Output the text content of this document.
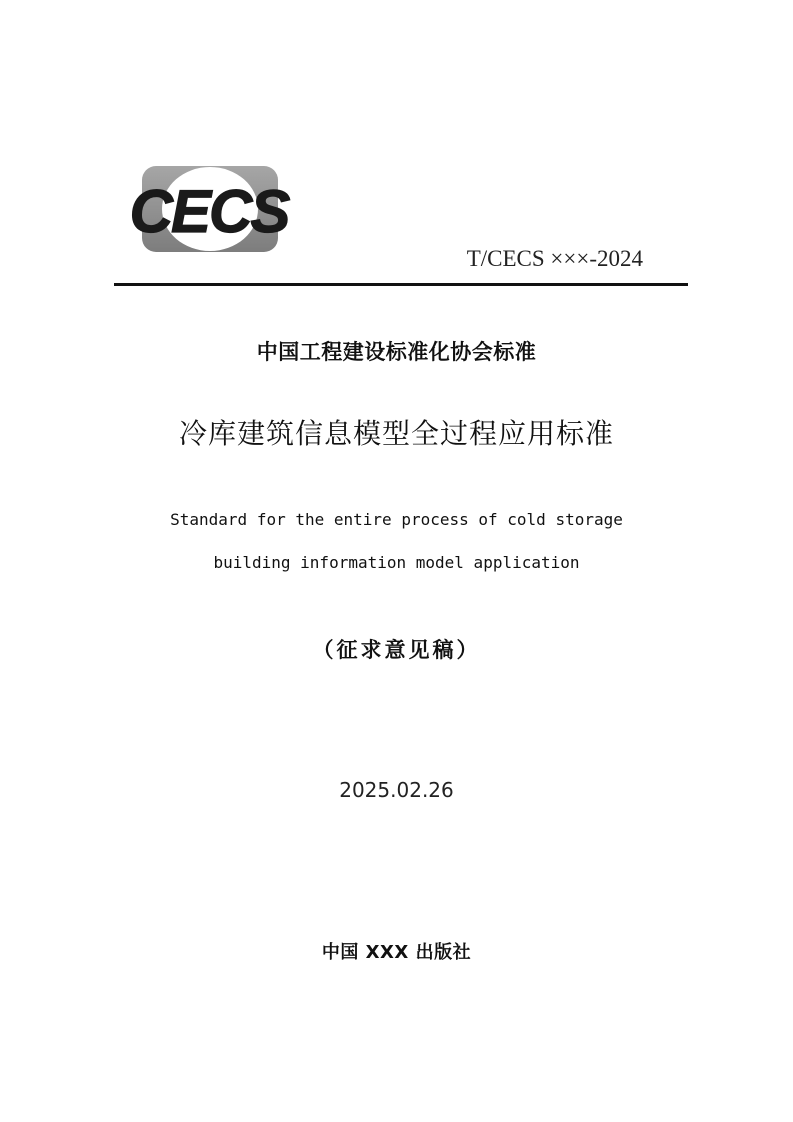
CECS
T/CECS ×××-2024
中国工程建设标准化协会标准
冷库建筑信息模型全过程应用标准
Standard for the entire process of cold storage
building information model application
（征求意见稿）
2025.02.26
中国 XXX 出版社
